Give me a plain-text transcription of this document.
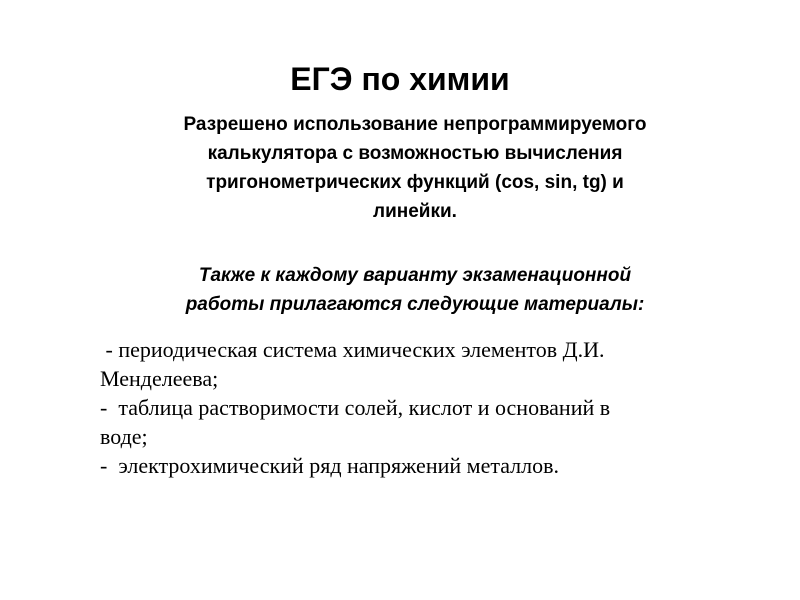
ЕГЭ по химии
Разрешено использование непрограммируемого
калькулятора с возможностью вычисления
тригонометрических функций (cos, sin, tg) и
линейки.
Также к каждому варианту экзаменационной
работы прилагаются следующие материалы:
- периодическая система химических элементов Д.И.
Менделеева;
-  таблица растворимости солей, кислот и оснований в
воде;
-  электрохимический ряд напряжений металлов.
